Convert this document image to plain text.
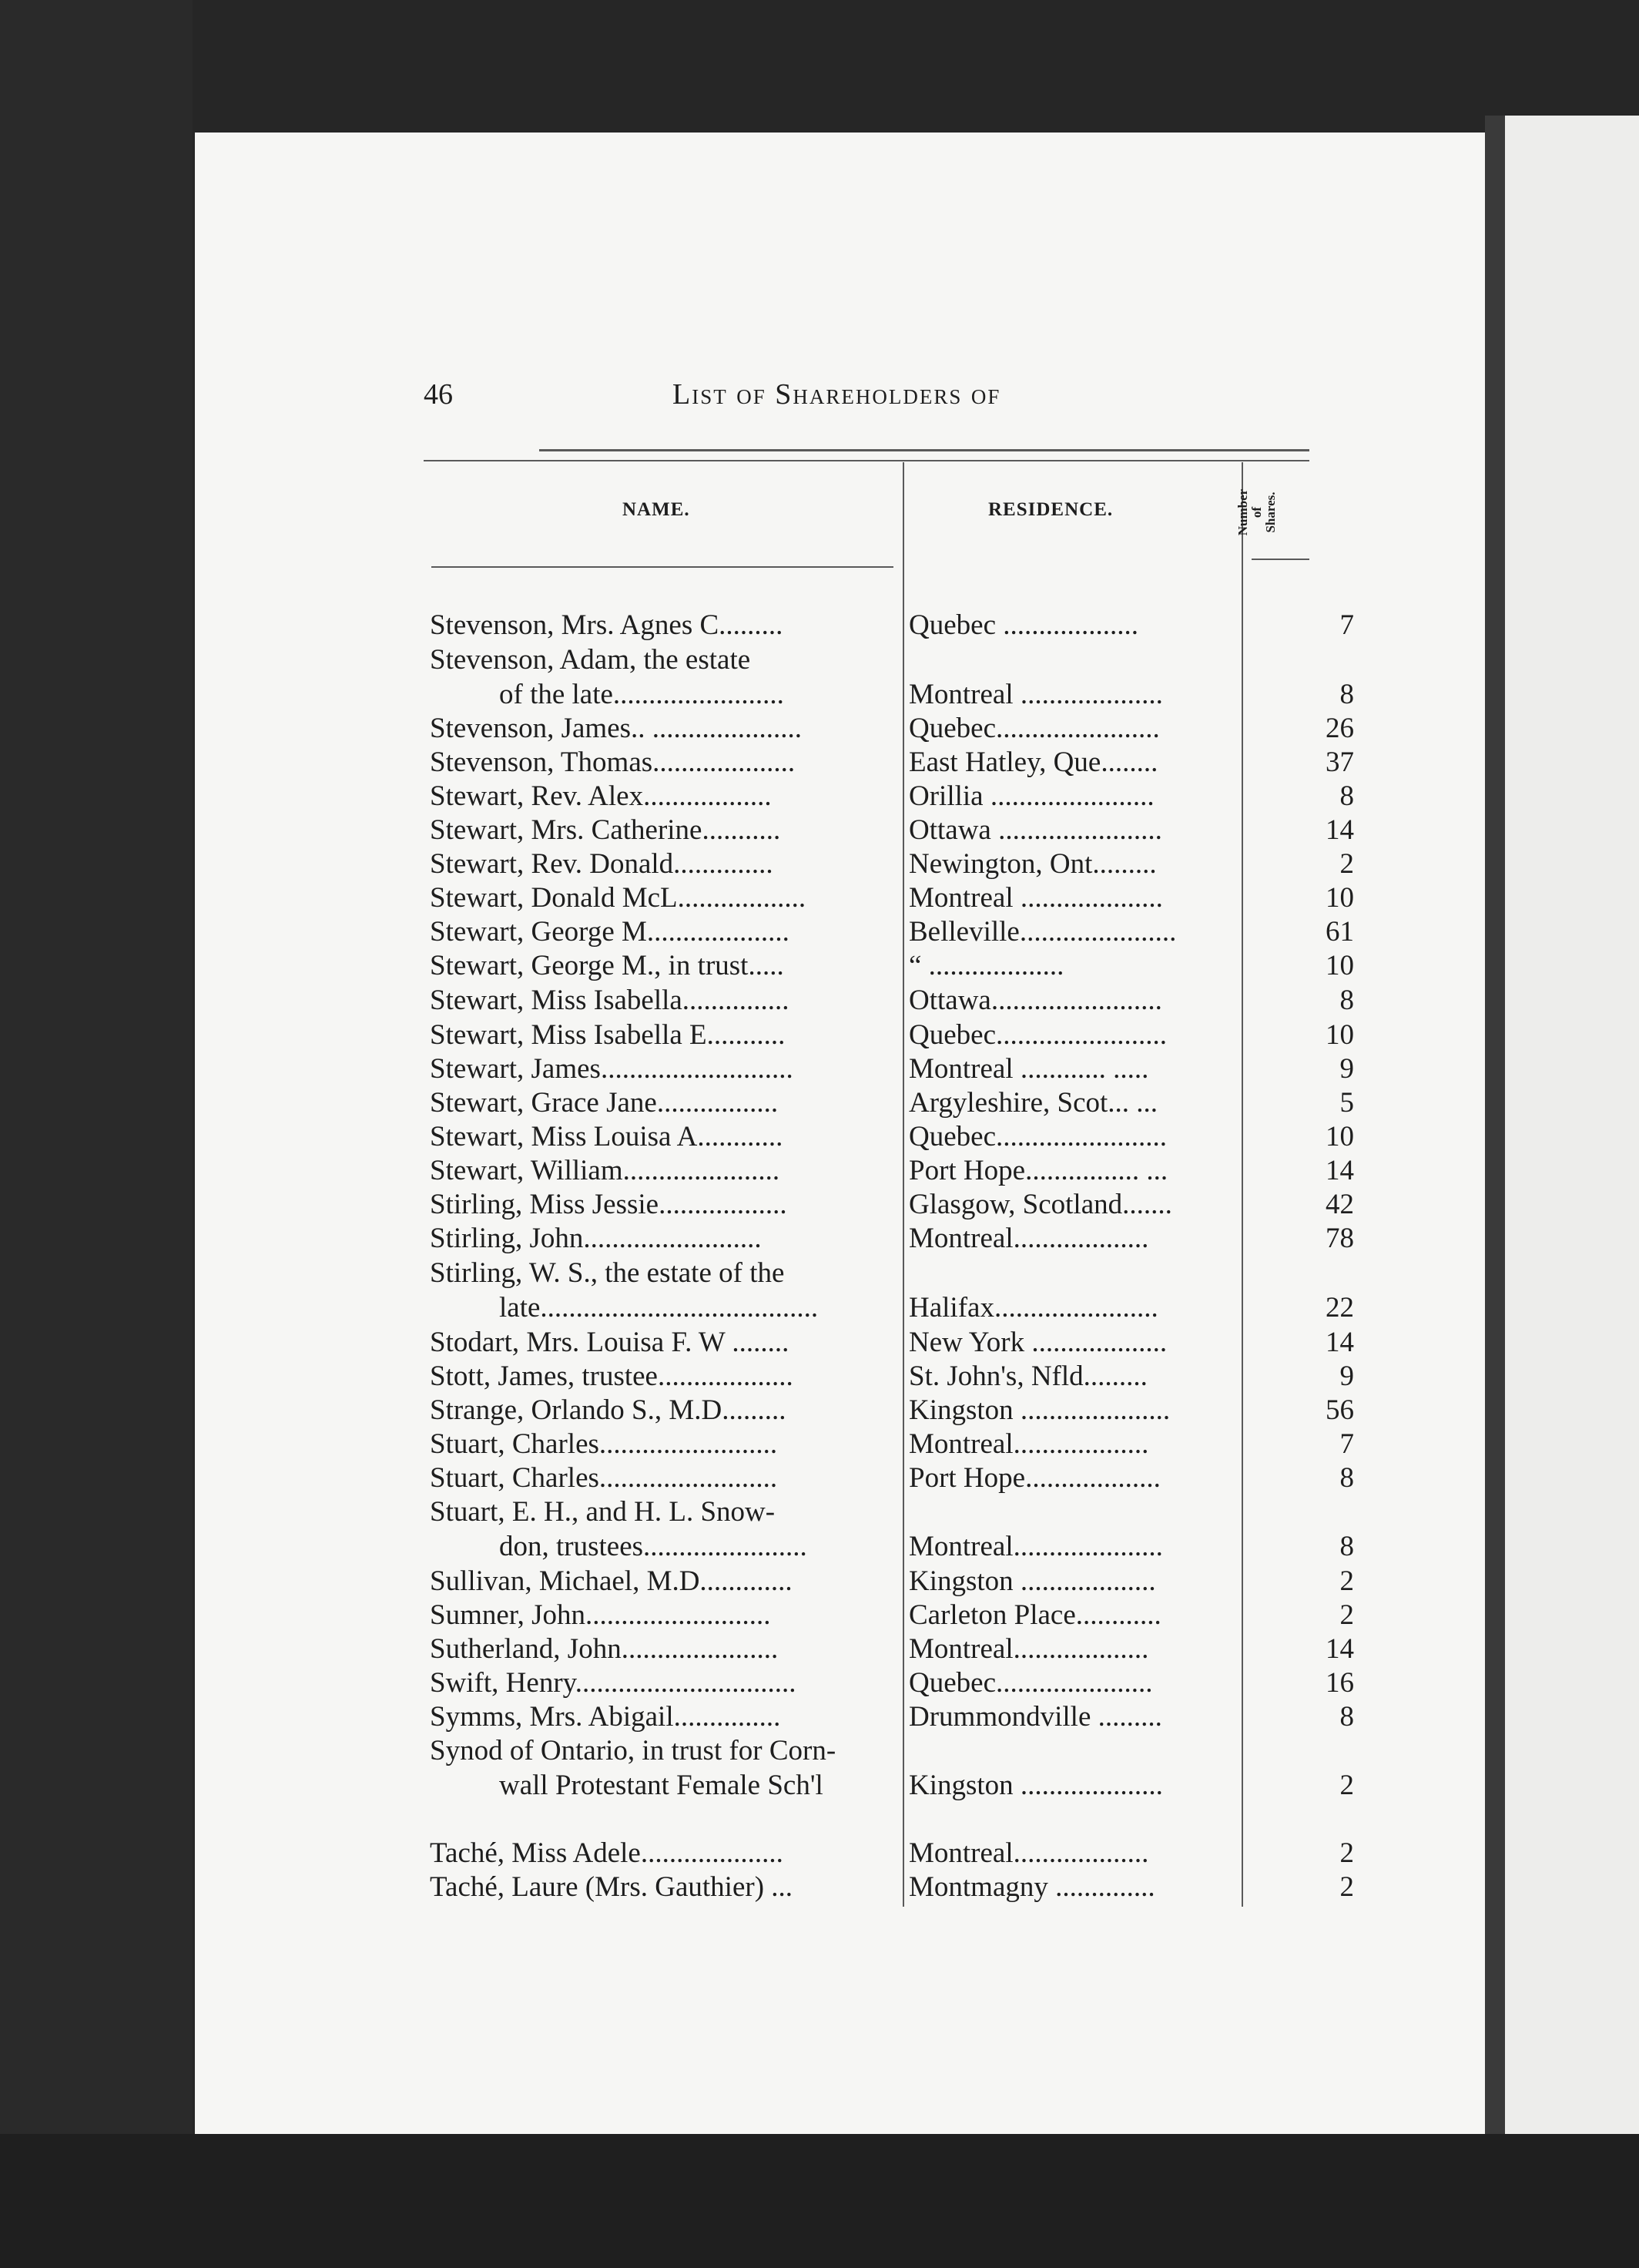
46	List of Shareholders of
NAME.	RESIDENCE.	Number of Shares.
Stevenson, Mrs. Agnes C.........	Quebec ...................	7
Stevenson, Adam, the estate
of the late........................	Montreal ....................	8
Stevenson, James.. .....................	Quebec.......................	26
Stevenson, Thomas....................	East Hatley, Que........	37
Stewart, Rev. Alex..................	Orillia .......................	8
Stewart, Mrs. Catherine...........	Ottawa .......................	14
Stewart, Rev. Donald..............	Newington, Ont.........	2
Stewart, Donald McL..................	Montreal ....................	10
Stewart, George M....................	Belleville......................	61
Stewart, George M., in trust.....	“ ...................	10
Stewart, Miss Isabella...............	Ottawa........................	8
Stewart, Miss Isabella E...........	Quebec........................	10
Stewart, James...........................	Montreal ............ .....	9
Stewart, Grace Jane.................	Argyleshire, Scot... ...	5
Stewart, Miss Louisa A............	Quebec........................	10
Stewart, William......................	Port Hope................ ...	14
Stirling, Miss Jessie..................	Glasgow, Scotland.......	42
Stirling, John.........................	Montreal...................	78
Stirling, W. S., the estate of the
late.......................................	Halifax.......................	22
Stodart, Mrs. Louisa F. W ........	New York ...................	14
Stott, James, trustee...................	St. John's, Nfld.........	9
Strange, Orlando S., M.D.........	Kingston .....................	56
Stuart, Charles.........................	Montreal...................	7
Stuart, Charles.........................	Port Hope...................	8
Stuart, E. H., and H. L. Snow-
don, trustees.......................	Montreal.....................	8
Sullivan, Michael, M.D.............	Kingston ...................	2
Sumner, John..........................	Carleton Place............	2
Sutherland, John......................	Montreal...................	14
Swift, Henry...............................	Quebec......................	16
Symms, Mrs. Abigail...............	Drummondville .........	8
Synod of Ontario, in trust for Corn-
wall Protestant Female Sch'l	Kingston ....................	2
Taché, Miss Adele....................	Montreal...................	2
Taché, Laure (Mrs. Gauthier) ...	Montmagny ..............	2
